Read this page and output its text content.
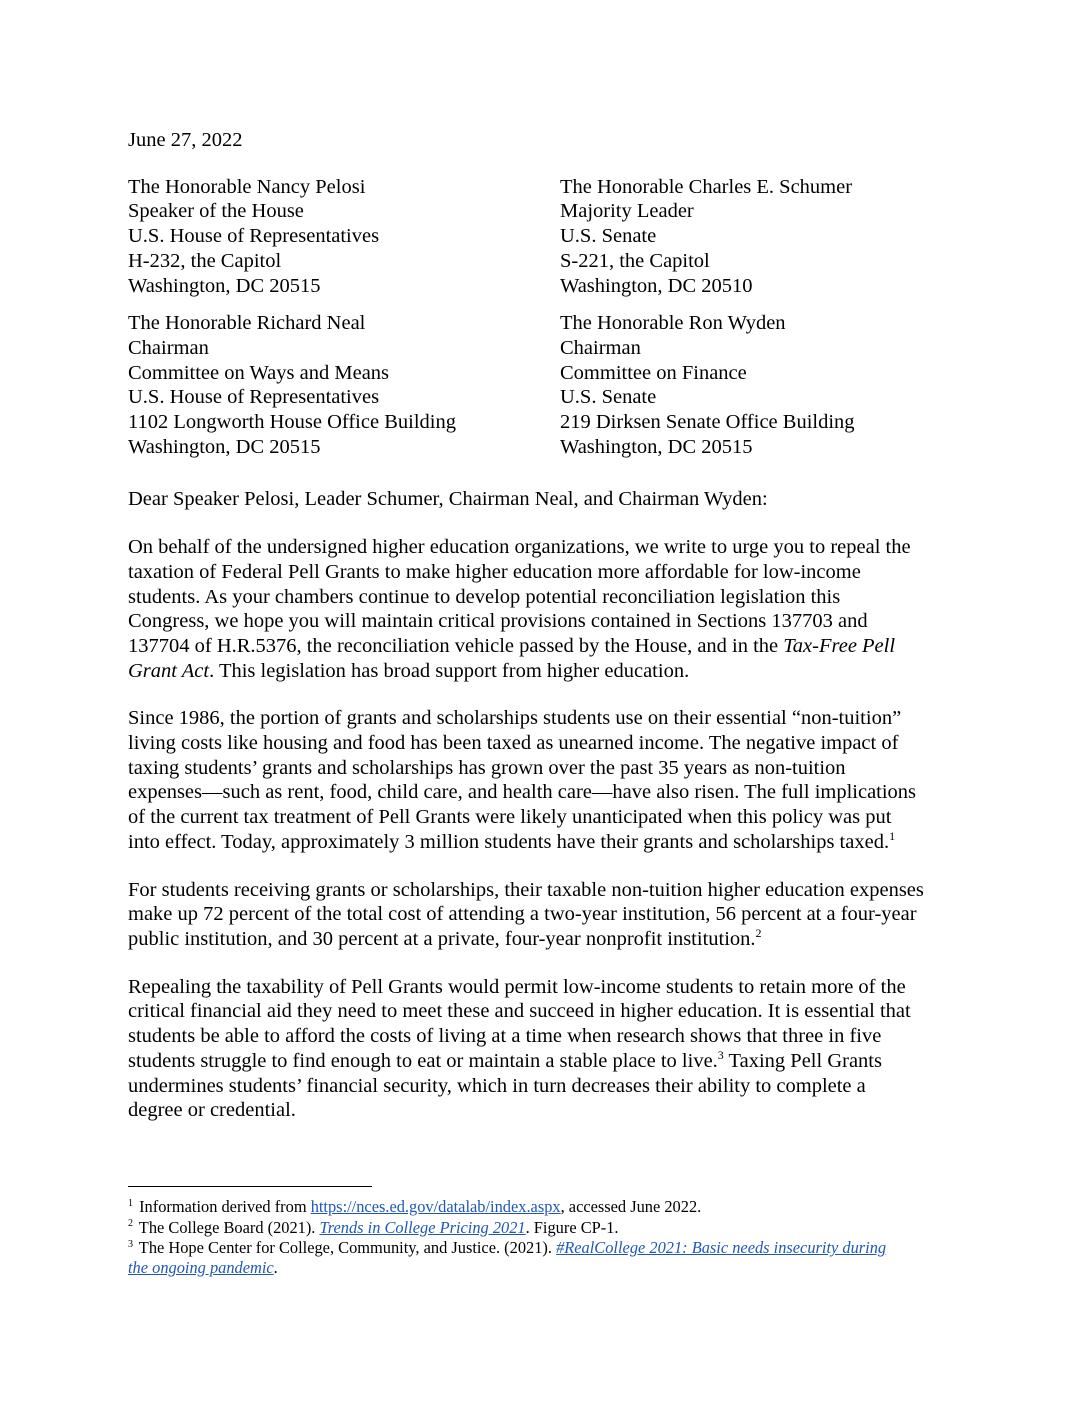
June 27, 2022
The Honorable Nancy Pelosi
Speaker of the House
U.S. House of Representatives
H-232, the Capitol
Washington, DC 20515
The Honorable Charles E. Schumer
Majority Leader
U.S. Senate
S-221, the Capitol
Washington, DC 20510
The Honorable Richard Neal
Chairman
Committee on Ways and Means
U.S. House of Representatives
1102 Longworth House Office Building
Washington, DC 20515
The Honorable Ron Wyden
Chairman
Committee on Finance
U.S. Senate
219 Dirksen Senate Office Building
Washington, DC 20515
Dear Speaker Pelosi, Leader Schumer, Chairman Neal, and Chairman Wyden:
On behalf of the undersigned higher education organizations, we write to urge you to repeal the
taxation of Federal Pell Grants to make higher education more affordable for low-income
students. As your chambers continue to develop potential reconciliation legislation this
Congress, we hope you will maintain critical provisions contained in Sections 137703 and
137704 of H.R.5376, the reconciliation vehicle passed by the House, and in the Tax-Free Pell
Grant Act. This legislation has broad support from higher education.
Since 1986, the portion of grants and scholarships students use on their essential “non-tuition”
living costs like housing and food has been taxed as unearned income. The negative impact of
taxing students’ grants and scholarships has grown over the past 35 years as non-tuition
expenses—such as rent, food, child care, and health care—have also risen. The full implications
of the current tax treatment of Pell Grants were likely unanticipated when this policy was put
into effect. Today, approximately 3 million students have their grants and scholarships taxed.$^1$
For students receiving grants or scholarships, their taxable non-tuition higher education expenses
make up 72 percent of the total cost of attending a two-year institution, 56 percent at a four-year
public institution, and 30 percent at a private, four-year nonprofit institution.$^2$
Repealing the taxability of Pell Grants would permit low-income students to retain more of the
critical financial aid they need to meet these and succeed in higher education. It is essential that
students be able to afford the costs of living at a time when research shows that three in five
students struggle to find enough to eat or maintain a stable place to live.$^3$ Taxing Pell Grants
undermines students’ financial security, which in turn decreases their ability to complete a
degree or credential.
$^1$ Information derived from https://nces.ed.gov/datalab/index.aspx, accessed June 2022.
$^2$ The College Board (2021). Trends in College Pricing 2021. Figure CP-1.
$^3$ The Hope Center for College, Community, and Justice. (2021). #RealCollege 2021: Basic needs insecurity during
the ongoing pandemic.
